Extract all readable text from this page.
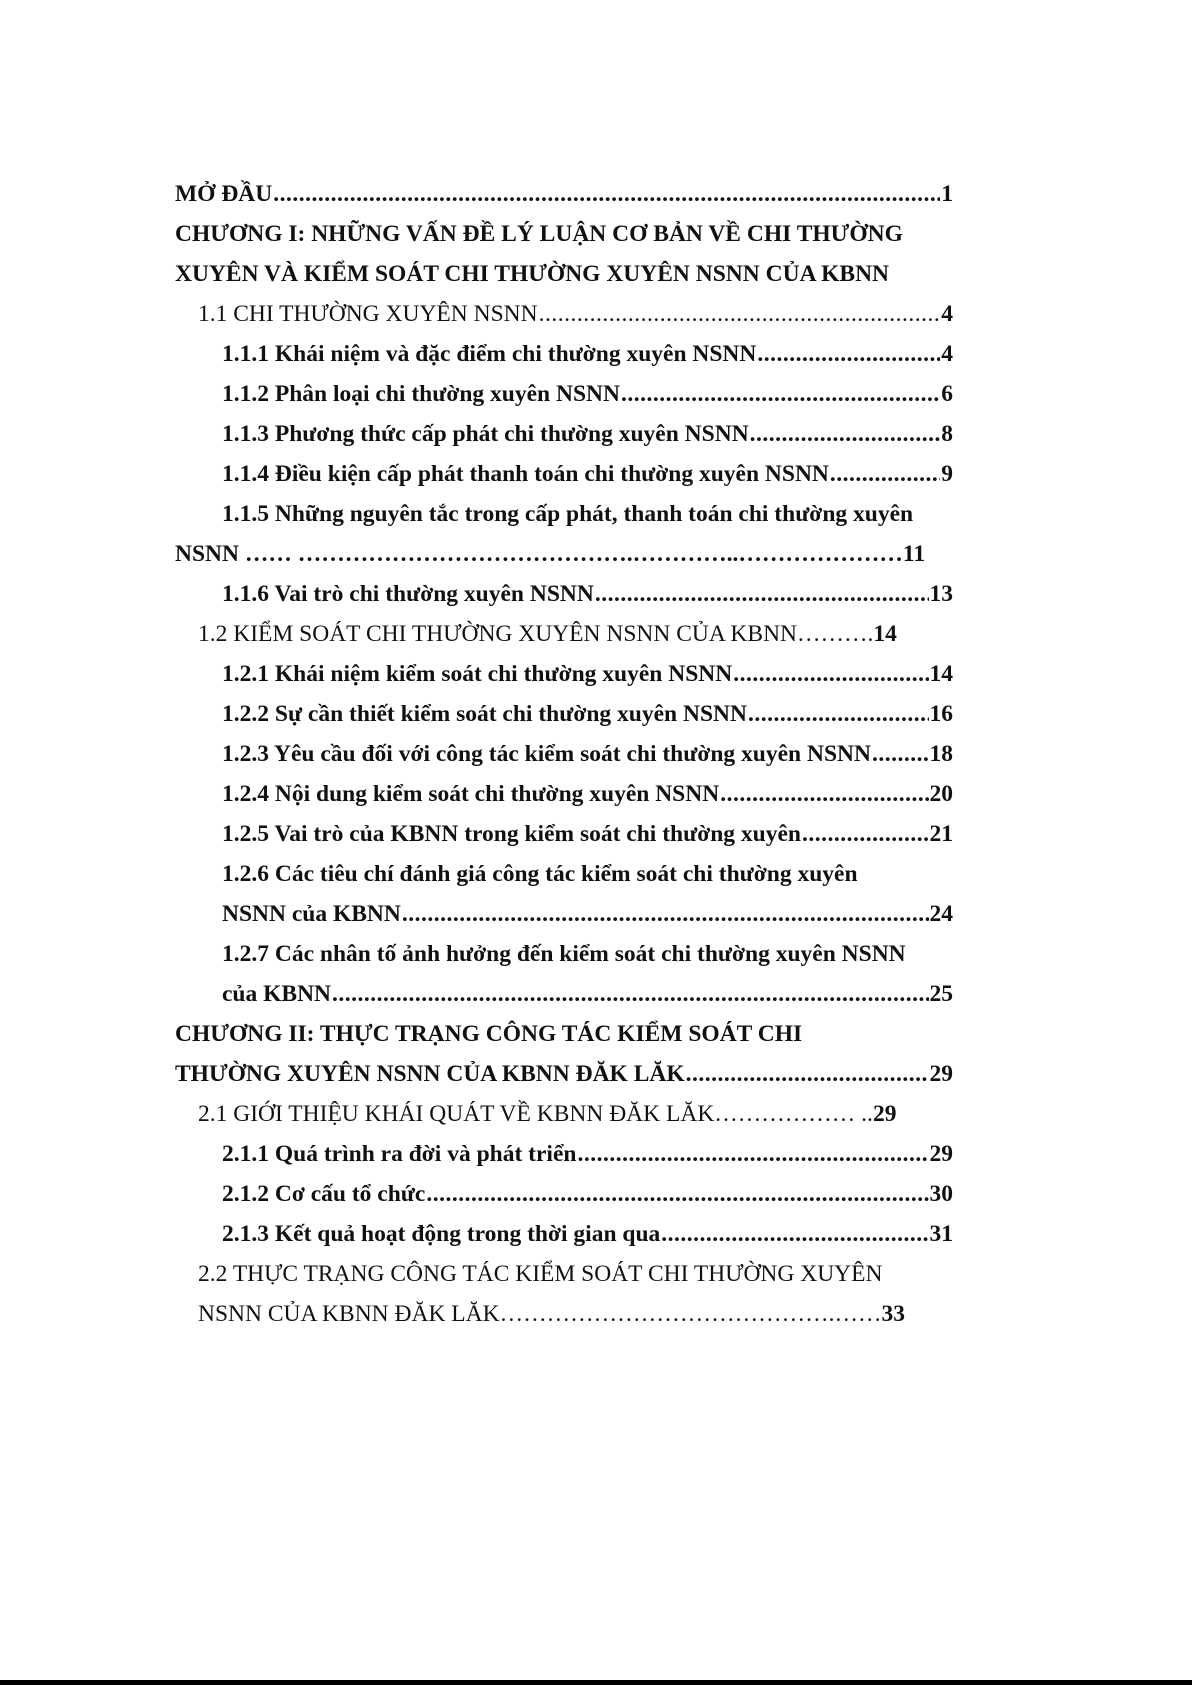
MỞ ĐẦU .....	1
CHƯƠNG I: NHỮNG VẤN ĐỀ LÝ LUẬN CƠ BẢN VỀ CHI THƯỜNG
XUYÊN VÀ KIỂM SOÁT CHI THƯỜNG XUYÊN NSNN CỦA KBNN
1.1 CHI THƯỜNG XUYÊN NSNN .....	4
1.1.1 Khái niệm và đặc điểm chi thường xuyên NSNN .....	4
1.1.2 Phân loại chi thường xuyên NSNN .....	6
1.1.3 Phương thức cấp phát chi thường xuyên NSNN .....	8
1.1.4 Điều kiện cấp phát thanh toán chi thường xuyên NSNN .....	9
1.1.5 Những nguyên tắc trong cấp phát, thanh toán chi thường xuyên
NSNN …… …………………………………….…………..………………… 11
1.1.6 Vai trò chi thường xuyên NSNN .....	13
1.2 KIỂM SOÁT CHI THƯỜNG XUYÊN NSNN CỦA KBNN………. 14
1.2.1 Khái niệm kiểm soát chi thường xuyên NSNN .....	14
1.2.2 Sự cần thiết kiểm soát chi thường xuyên NSNN .....	16
1.2.3 Yêu cầu đối với công tác kiểm soát chi thường xuyên NSNN ..... 18
1.2.4 Nội dung kiểm soát chi thường xuyên NSNN .....	20
1.2.5 Vai trò của KBNN trong kiểm soát chi thường xuyên .....	21
1.2.6 Các tiêu chí đánh giá công tác kiểm soát chi thường xuyên
NSNN của KBNN .....	24
1.2.7 Các nhân tố ảnh hưởng đến kiểm soát chi thường xuyên NSNN
của KBNN .....	25
CHƯƠNG II: THỰC TRẠNG CÔNG TÁC KIỂM SOÁT CHI
THƯỜNG XUYÊN NSNN CỦA KBNN ĐĂK LĂK .....	29
2.1 GIỚI THIỆU KHÁI QUÁT VỀ KBNN ĐĂK LĂK……………… .. 29
2.1.1 Quá trình ra đời và phát triển .....	29
2.1.2 Cơ cấu tổ chức .....	30
2.1.3 Kết quả hoạt động trong thời gian qua .....	31
2.2 THỰC TRẠNG CÔNG TÁC KIỂM SOÁT CHI THƯỜNG XUYÊN
NSNN CỦA KBNN ĐĂK LĂK…………………………………….…… 33
